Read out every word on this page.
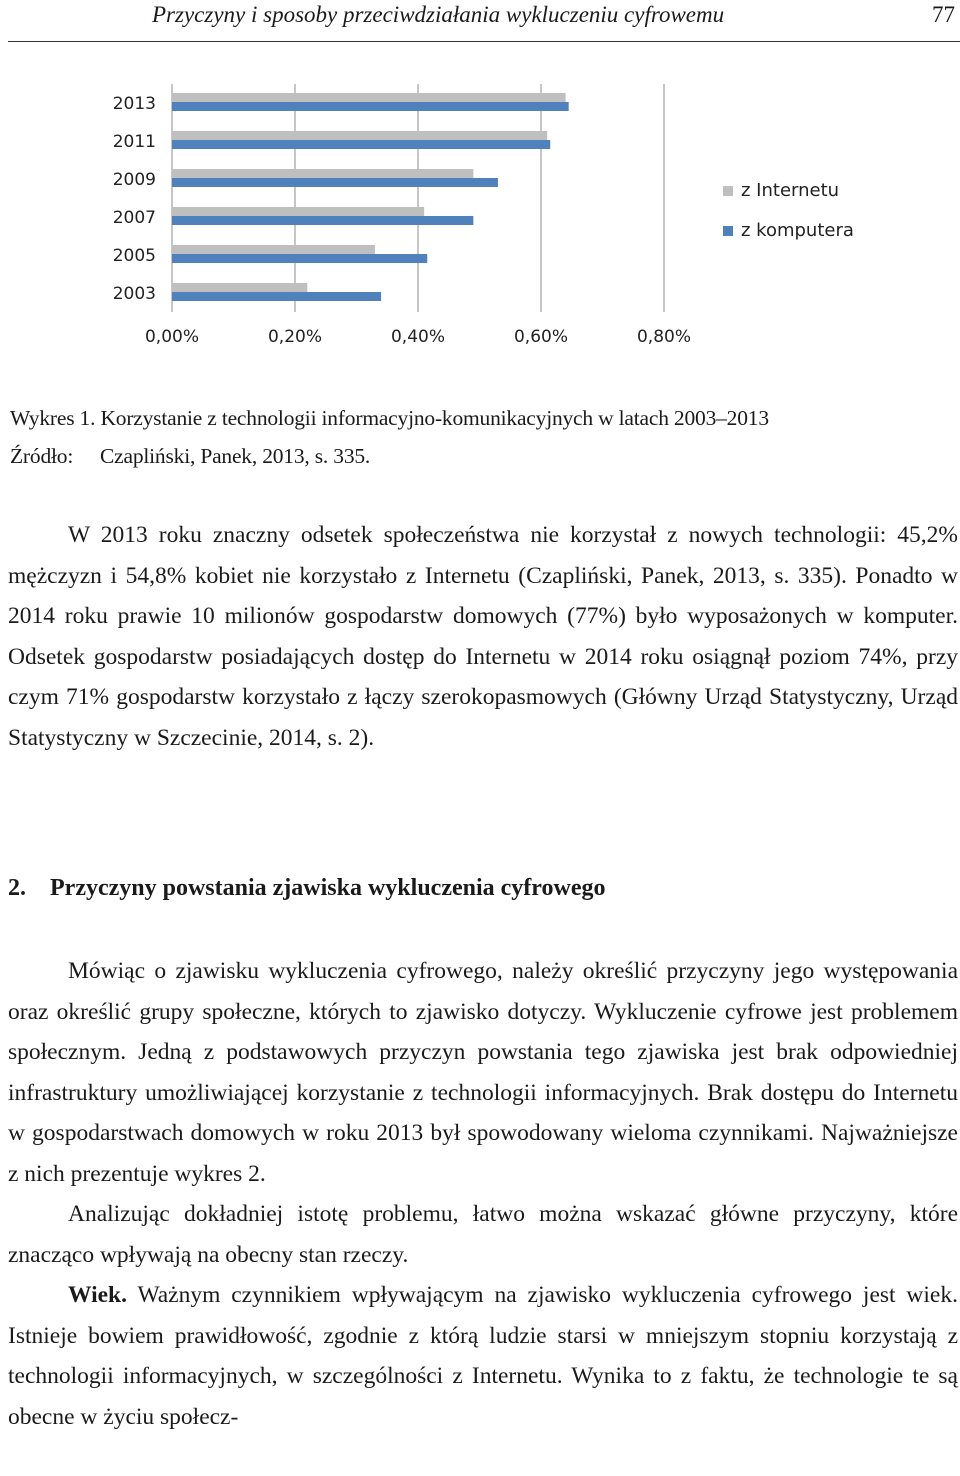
Przyczyny i sposoby przeciwdziałania wykluczeniu cyfrowemu	77
0,00%	0,20%	0,40%	0,60%	0,80%
2013
2011
2009
2007
2005
2003
z Internetu
z komputera
Wykres 1. Korzystanie z technologii informacyjno-komunikacyjnych w latach 2003–2013
Źródło: Czapliński, Panek, 2013, s. 335.

W 2013 roku znaczny odsetek społeczeństwa nie korzystał z nowych technologii: 45,2% mężczyzn i 54,8% kobiet nie korzystało z Internetu (Czapliński, Panek, 2013, s. 335). Ponadto w 2014 roku prawie 10 milionów gospodarstw domowych (77%) było wyposażonych w komputer. Odsetek gospodarstw posiadających dostęp do Internetu w 2014 roku osiągnął poziom 74%, przy czym 71% gospodarstw korzystało z łączy szerokopasmowych (Główny Urząd Statystyczny, Urząd Statystyczny w Szczecinie, 2014, s. 2).

2. Przyczyny powstania zjawiska wykluczenia cyfrowego

Mówiąc o zjawisku wykluczenia cyfrowego, należy określić przyczyny jego występowania oraz określić grupy społeczne, których to zjawisko dotyczy. Wykluczenie cyfrowe jest problemem społecznym. Jedną z podstawowych przyczyn powstania tego zjawiska jest brak odpowiedniej infrastruktury umożliwiającej korzystanie z technologii informacyjnych. Brak dostępu do Internetu w gospodarstwach domowych w roku 2013 był spowodowany wieloma czynnikami. Najważniejsze z nich prezentuje wykres 2.

Analizując dokładniej istotę problemu, łatwo można wskazać główne przyczyny, które znacząco wpływają na obecny stan rzeczy.

Wiek. Ważnym czynnikiem wpływającym na zjawisko wykluczenia cyfrowego jest wiek. Istnieje bowiem prawidłowość, zgodnie z którą ludzie starsi w mniejszym stopniu korzystają z technologii informacyjnych, w szczególności z Internetu. Wynika to z faktu, że technologie te są obecne w życiu społecz-
